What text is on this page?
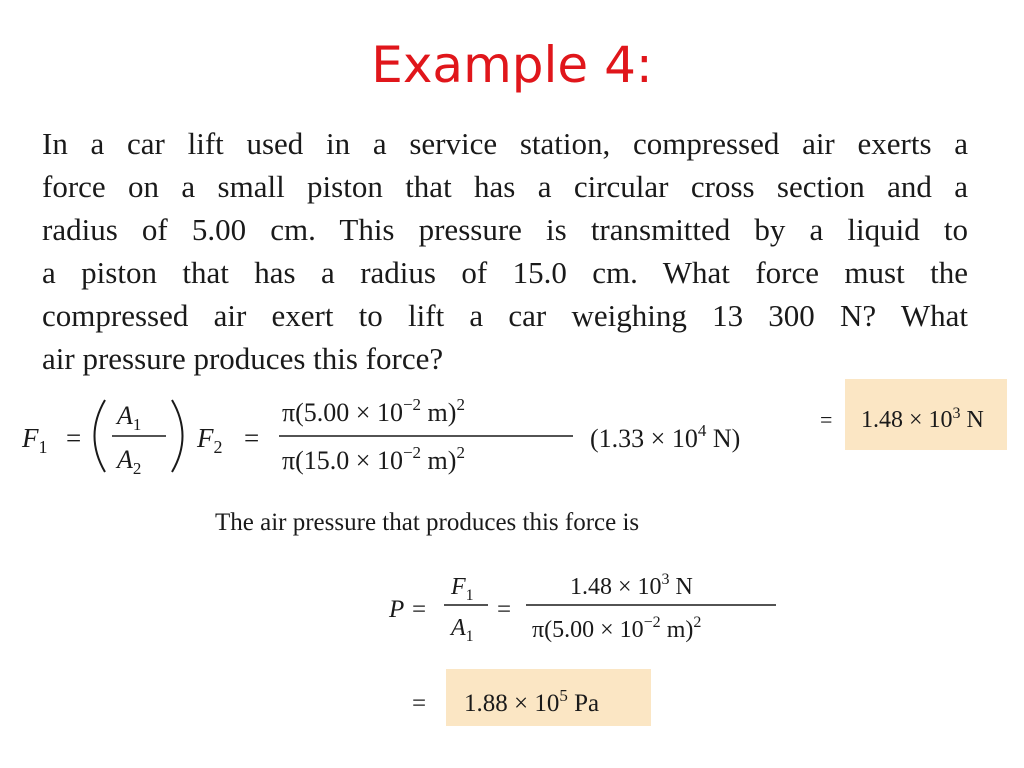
Example 4:

In a car lift used in a service station, compressed air exerts a
force on a small piston that has a circular cross section and a
radius of 5.00 cm. This pressure is transmitted by a liquid to
a piston that has a radius of 15.0 cm. What force must the
compressed air exert to lift a car weighing 13 300 N? What
air pressure produces this force?

$F_1$ =
$A_1$
$A_2$
$F_2$ =
$\pi(5.00 \times 10^{-2}$ m)$^2$
$\pi(15.0 \times 10^{-2}$ m)$^2$	($1.33 \times 10^4$ N)
= $1.48 \times 10^3$ N
P =
$F_1$
$A_1$
=
$1.48 \times 10^3$ N
$\pi(5.00 \times 10^{-2}$ m)$^2$
= $1.88 \times 10^5$ Pa
The air pressure that produces this force is
